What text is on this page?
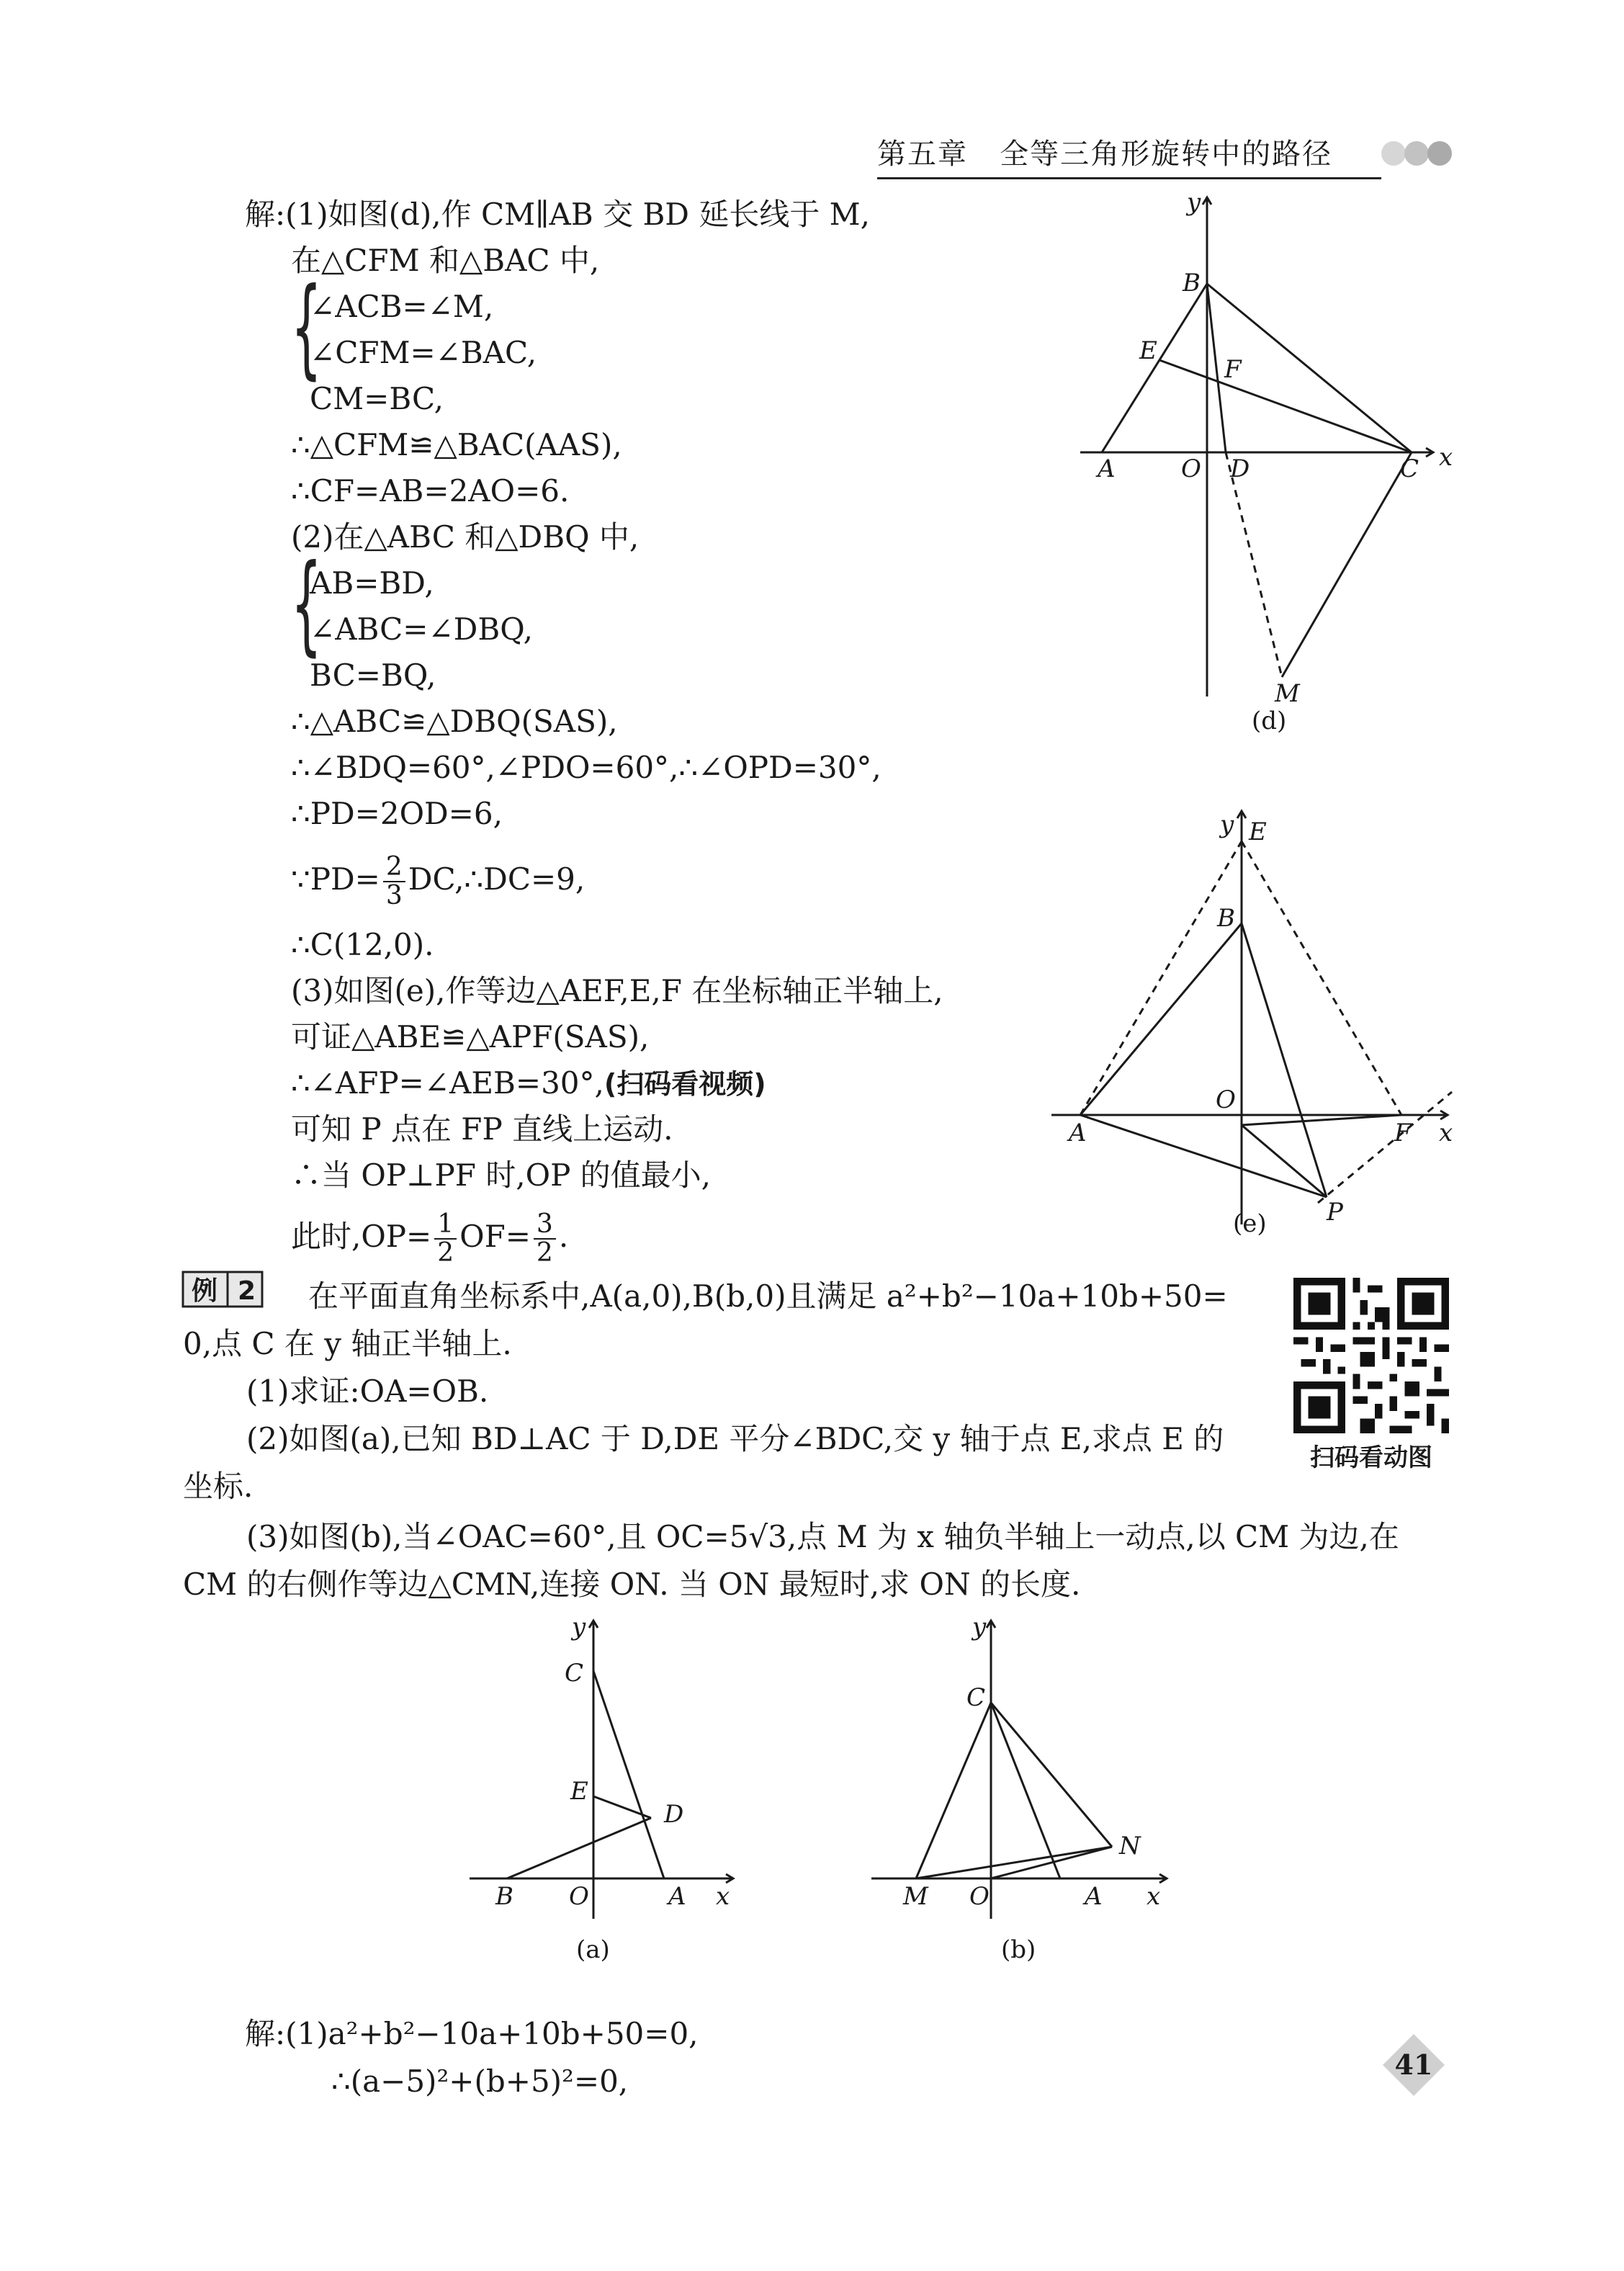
第五章 全等三角形旋转中的路径
解:(1)如图(d),作 CM∥AB 交 BD 延长线于 M,
在△CFM 和△BAC 中,
{
∠ACB=∠M,
∠CFM=∠BAC,
CM=BC,
∴△CFM≌△BAC(AAS),
∴CF=AB=2AO=6.
(2)在△ABC 和△DBQ 中,
{
AB=BD,
∠ABC=∠DBQ,
BC=BQ,
∴△ABC≌△DBQ(SAS),
∴∠BDQ=60°,∠PDO=60°,∴∠OPD=30°,
∴PD=2OD=6,
∵PD= $\frac{2}{3}$ DC,∴DC=9,
∴C(12,0).
(3)如图(e),作等边△AEF,E,F 在坐标轴正半轴上,
可证△ABE≌△APF(SAS),
∴∠AFP=∠AEB=30°,(扫码看视频)
可知 P 点在 FP 直线上运动.
∴当 OP⊥PF 时,OP 的值最小,
此时$,OP= \frac{1}{2} OF= \frac{3}{2}$ .
y
x
B
E
F
A	O D	C
M
(d)
y E
B
O
A	F
P
x
(e)
例 2 在平面直角坐标系中,A(a,0),B(b,0)且满足 a²+b²−10a+10b+50=
0,点 C 在 y 轴正半轴上.
(1)求证:OA=OB.
(2)如图(a),已知 BD⊥AC 于 D,DE 平分∠BDC,交 y 轴于点 E,求点 E 的
坐标.
(3)如图(b),当∠OAC=60°,且 OC=5√3,点 M 为 x 轴负半轴上一动点,以 CM 为边,在
CM 的右侧作等边△CMN,连接 ON. 当 ON 最短时,求 ON 的长度.
扫码看动图
y
C
E
D
B O	A x
(a)
y
C
N
M O	A x
(b)
解:(1)a²+b²−10a+10b+50=0,
∴(a−5)²+(b+5)²=0,	41
